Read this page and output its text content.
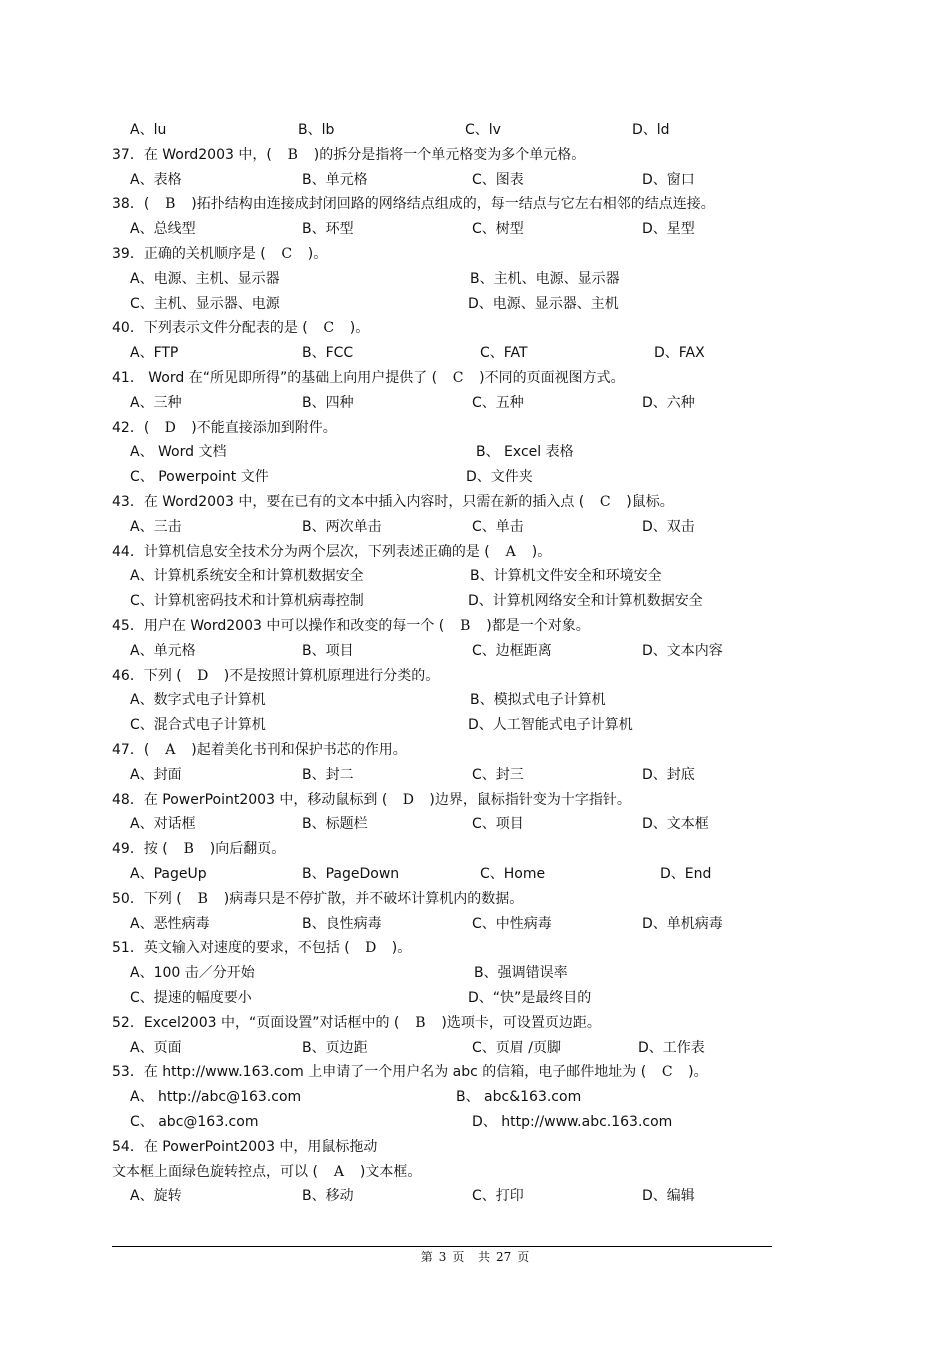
A、lu	B、lb	C、lv	D、ld
37．在 Word2003 中，( B )的拆分是指将一个单元格变为多个单元格。
A、表格	B、单元格	C、图表	D、窗口
38．( B )拓扑结构由连接成封闭回路的网络结点组成的，每一结点与它左右相邻的结点连接。
A、总线型	B、环型	C、树型	D、星型
39．正确的关机顺序是 ( C )。
A、电源、主机、显示器	B、主机、电源、显示器
C、主机、显示器、电源	D、电源、显示器、主机
40．下列表示文件分配表的是 ( C )。
A、FTP	B、FCC	C、FAT	D、FAX
41． Word 在“所见即所得”的基础上向用户提供了 ( C )不同的页面视图方式。
A、三种	B、四种	C、五种	D、六种
42．( D )不能直接添加到附件。
A、 Word 文档	B、 Excel 表格
C、 Powerpoint 文件	D、文件夹
43．在 Word2003 中，要在已有的文本中插入内容时，只需在新的插入点 ( C )鼠标。
A、三击	B、两次单击	C、单击	D、双击
44．计算机信息安全技术分为两个层次，下列表述正确的是 ( A )。
A、计算机系统安全和计算机数据安全	B、计算机文件安全和环境安全
C、计算机密码技术和计算机病毒控制	D、计算机网络安全和计算机数据安全
45．用户在 Word2003 中可以操作和改变的每一个 ( B )都是一个对象。
A、单元格	B、项目	C、边框距离	D、文本内容
46．下列 ( D )不是按照计算机原理进行分类的。
A、数字式电子计算机	B、模拟式电子计算机
C、混合式电子计算机	D、人工智能式电子计算机
47．( A )起着美化书刊和保护书芯的作用。
A、封面	B、封二	C、封三	D、封底
48．在 PowerPoint2003 中，移动鼠标到 ( D )边界，鼠标指针变为十字指针。
A、对话框	B、标题栏	C、项目	D、文本框
49．按 ( B )向后翻页。
A、PageUp	B、PageDown	C、Home	D、End
50．下列 ( B )病毒只是不停扩散，并不破坏计算机内的数据。
A、恶性病毒	B、良性病毒	C、中性病毒	D、单机病毒
51．英文输入对速度的要求，不包括 ( D )。
A、100 击／分开始	B、强调错误率
C、提速的幅度要小	D、“快”是最终目的
52．Excel2003 中，“页面设置”对话框中的 ( B )选项卡，可设置页边距。
A、页面	B、页边距	C、页眉 /页脚	D、工作表
53．在 http://www.163.com 上申请了一个用户名为 abc 的信箱，电子邮件地址为 ( C )。
A、 http://abc@163.com	B、 abc&163.com
C、 abc@163.com	D、 http://www.abc.163.com
54．在 PowerPoint2003 中，用鼠标拖动
文本框上面绿色旋转控点，可以 ( A )文本框。
A、旋转	B、移动	C、打印	D、编辑
第 3 页 共 27 页
